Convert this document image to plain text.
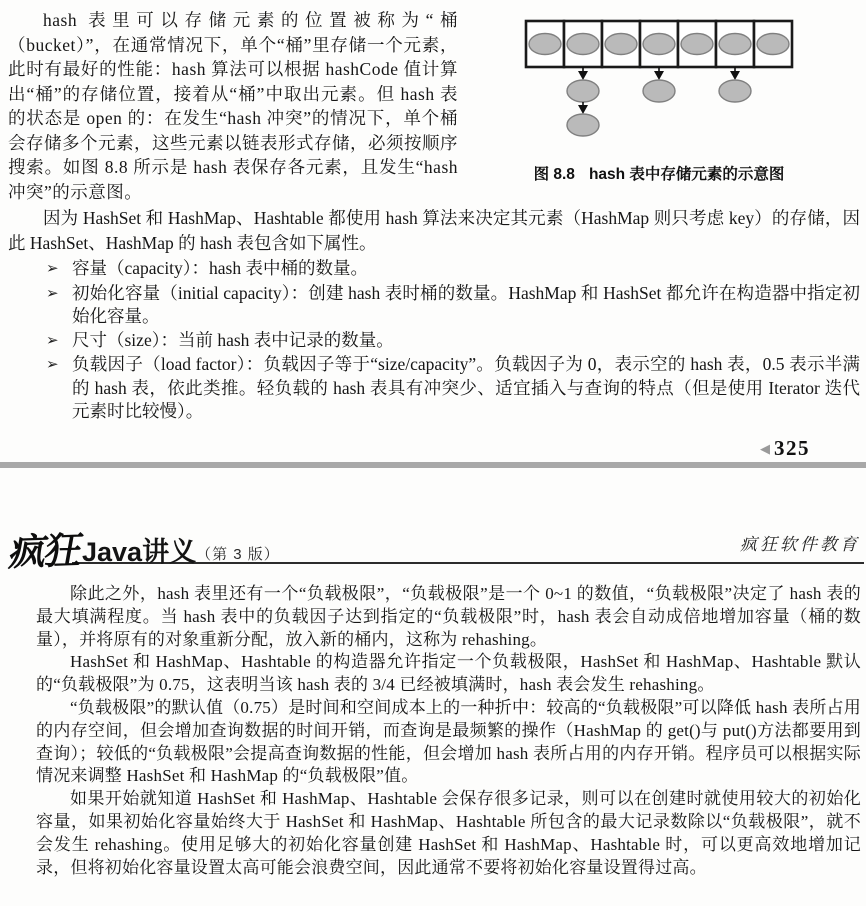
hash 表里可以存储元素的位置被称为“桶（bucket）”，在通常情况下，单个“桶”里存储一个元素，此时有最好的性能：hash 算法可以根据 hashCode 值计算出“桶”的存储位置，接着从“桶”中取出元素。但 hash 表的状态是 open 的：在发生“hash 冲突”的情况下，单个桶会存储多个元素，这些元素以链表形式存储，必须按顺序搜索。如图 8.8 所示是 hash 表保存各元素，且发生“hash 冲突”的示意图。

图 8.8 hash 表中存储元素的示意图

因为 HashSet 和 HashMap、Hashtable 都使用 hash 算法来决定其元素（HashMap 则只考虑 key）的存储，因此 HashSet、HashMap 的 hash 表包含如下属性。

➢ 容量（capacity）：hash 表中桶的数量。
➢ 初始化容量（initial capacity）：创建 hash 表时桶的数量。HashMap 和 HashSet 都允许在构造器中指定初始化容量。
➢ 尺寸（size）：当前 hash 表中记录的数量。
➢ 负载因子（load factor）：负载因子等于“size/capacity”。负载因子为 0，表示空的 hash 表，0.5 表示半满的 hash 表，依此类推。轻负载的 hash 表具有冲突少、适宜插入与查询的特点（但是使用 Iterator 迭代元素时比较慢）。
◀ 325
疯狂Java讲义（第 3 版）
疯狂软件教育

除此之外，hash 表里还有一个“负载极限”，“负载极限”是一个 0~1 的数值，“负载极限”决定了 hash 表的最大填满程度。当 hash 表中的负载因子达到指定的“负载极限”时，hash 表会自动成倍地增加容量（桶的数量），并将原有的对象重新分配，放入新的桶内，这称为 rehashing。

HashSet 和 HashMap、Hashtable 的构造器允许指定一个负载极限，HashSet 和 HashMap、Hashtable 默认的“负载极限”为 0.75，这表明当该 hash 表的 3/4 已经被填满时，hash 表会发生 rehashing。

“负载极限”的默认值（0.75）是时间和空间成本上的一种折中：较高的“负载极限”可以降低 hash 表所占用的内存空间，但会增加查询数据的时间开销，而查询是最频繁的操作（HashMap 的 get()与 put()方法都要用到查询）；较低的“负载极限”会提高查询数据的性能，但会增加 hash 表所占用的内存开销。程序员可以根据实际情况来调整 HashSet 和 HashMap 的“负载极限”值。

如果开始就知道 HashSet 和 HashMap、Hashtable 会保存很多记录，则可以在创建时就使用较大的初始化容量，如果初始化容量始终大于 HashSet 和 HashMap、Hashtable 所包含的最大记录数除以“负载极限”，就不会发生 rehashing。使用足够大的初始化容量创建 HashSet 和 HashMap、Hashtable 时，可以更高效地增加记录，但将初始化容量设置太高可能会浪费空间，因此通常不要将初始化容量设置得过高。
